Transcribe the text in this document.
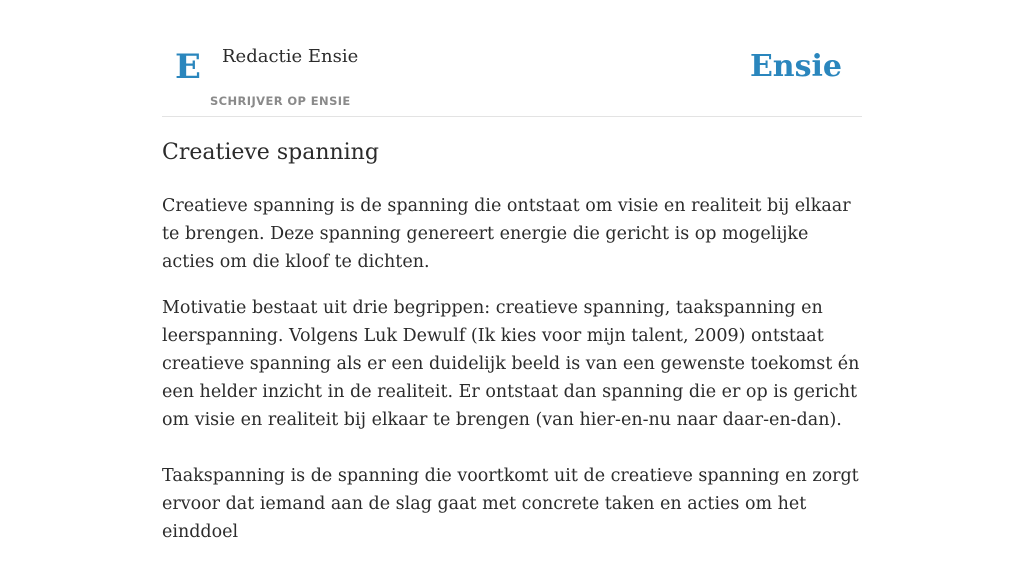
E Redactie Ensie
SCHRIJVER OP ENSIE
Ensie
Creatieve spanning

Creatieve spanning is de spanning die ontstaat om visie en realiteit bij elkaar te brengen. Deze spanning genereert energie die gericht is op mogelijke acties om die kloof te dichten.

Motivatie bestaat uit drie begrippen: creatieve spanning, taakspanning en leerspanning. Volgens Luk Dewulf (Ik kies voor mijn talent, 2009) ontstaat creatieve spanning als er een duidelijk beeld is van een gewenste toekomst én een helder inzicht in de realiteit. Er ontstaat dan spanning die er op is gericht om visie en realiteit bij elkaar te brengen (van hier-en-nu naar daar-en-dan).

Taakspanning is de spanning die voortkomt uit de creatieve spanning en zorgt ervoor dat iemand aan de slag gaat met concrete taken en acties om het einddoel
